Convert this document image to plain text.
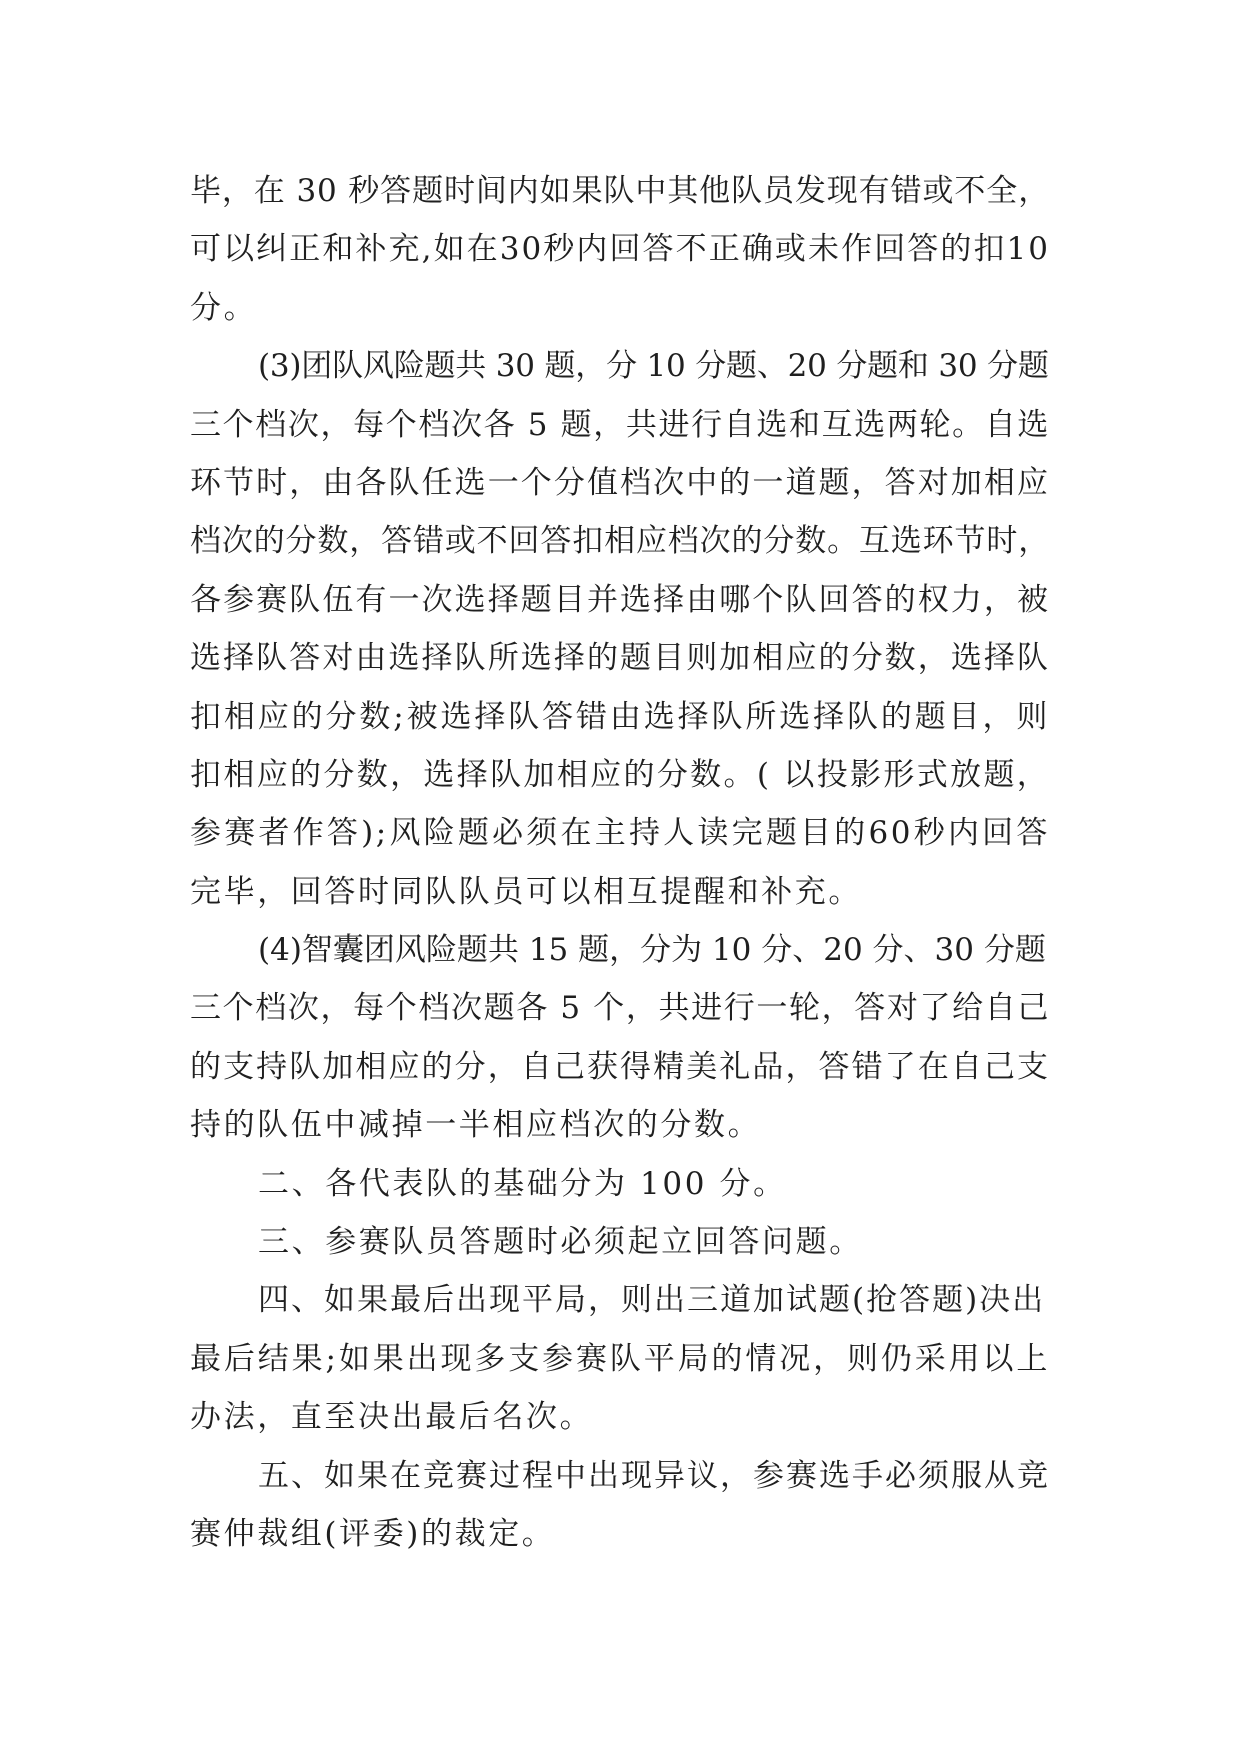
毕，在 30 秒答题时间内如果队中其他队员发现有错或不全，
可以纠正和补充,如在30秒内回答不正确或未作回答的扣10
分。
(3)团队风险题共 30 题，分 10 分题、20 分题和 30 分题
三个档次，每个档次各 5 题，共进行自选和互选两轮。自选
环节时，由各队任选一个分值档次中的一道题，答对加相应
档次的分数，答错或不回答扣相应档次的分数。互选环节时，
各参赛队伍有一次选择题目并选择由哪个队回答的权力，被
选择队答对由选择队所选择的题目则加相应的分数，选择队
扣相应的分数;被选择队答错由选择队所选择队的题目，则
扣相应的分数，选择队加相应的分数。( 以投影形式放题，
参赛者作答);风险题必须在主持人读完题目的60秒内回答
完毕，回答时同队队员可以相互提醒和补充。
(4)智囊团风险题共 15 题，分为 10 分、20 分、30 分题
三个档次，每个档次题各 5 个，共进行一轮，答对了给自己
的支持队加相应的分，自己获得精美礼品，答错了在自己支
持的队伍中减掉一半相应档次的分数。
二、各代表队的基础分为 100 分。
三、参赛队员答题时必须起立回答问题。
四、如果最后出现平局，则出三道加试题(抢答题)决出
最后结果;如果出现多支参赛队平局的情况，则仍采用以上
办法，直至决出最后名次。
五、如果在竞赛过程中出现异议，参赛选手必须服从竞
赛仲裁组(评委)的裁定。
